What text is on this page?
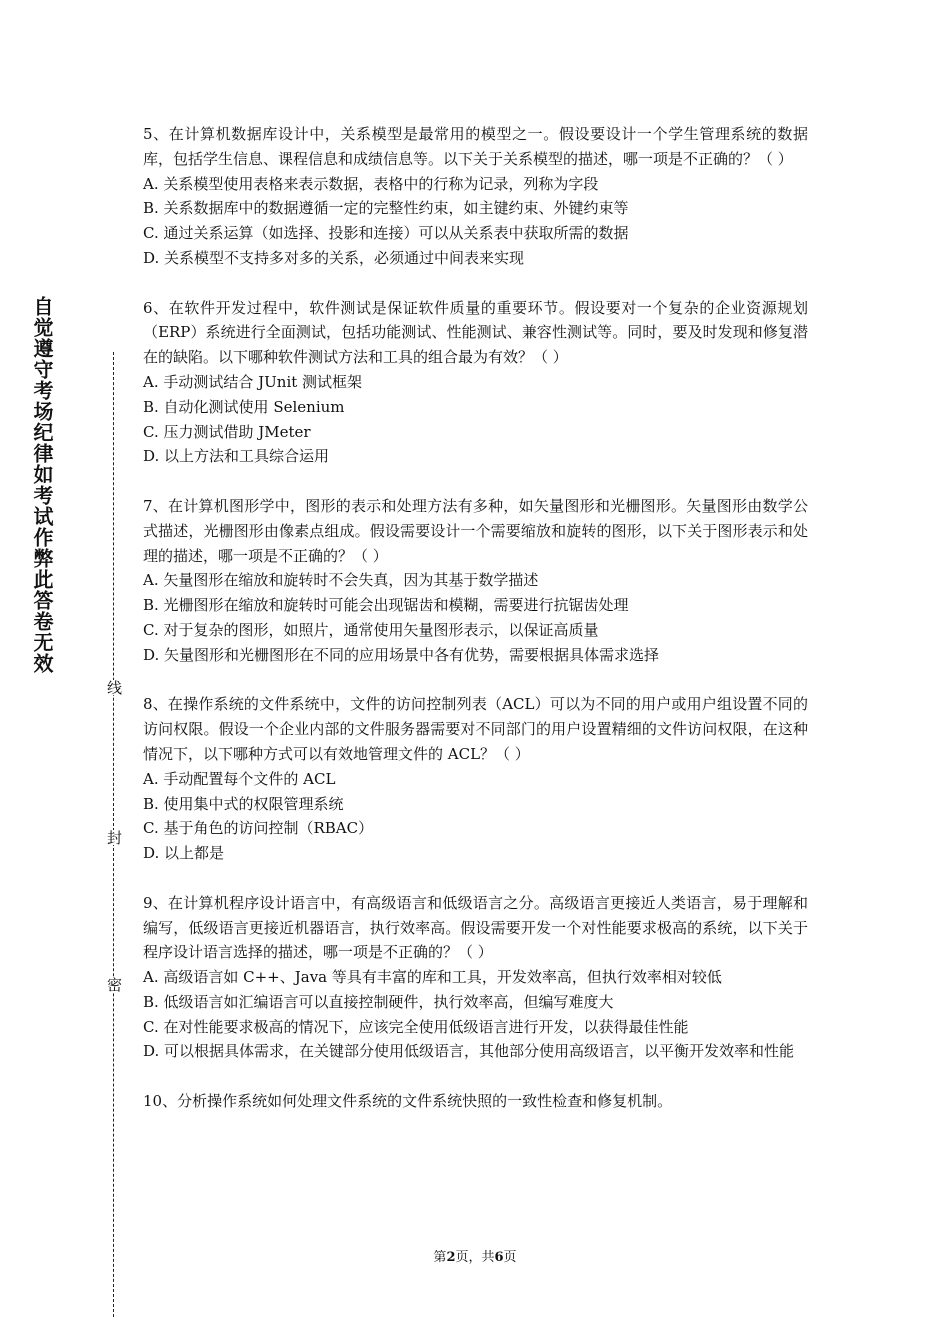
自觉遵守考场纪律如考试作弊此答卷无效
线
封
密

5、在计算机数据库设计中，关系模型是最常用的模型之一。假设要设计一个学生管理系统的数据库，包括学生信息、课程信息和成绩信息等。以下关于关系模型的描述，哪一项是不正确的？（ ）

A. 关系模型使用表格来表示数据，表格中的行称为记录，列称为字段
B. 关系数据库中的数据遵循一定的完整性约束，如主键约束、外键约束等
C. 通过关系运算（如选择、投影和连接）可以从关系表中获取所需的数据
D. 关系模型不支持多对多的关系，必须通过中间表来实现

6、在软件开发过程中，软件测试是保证软件质量的重要环节。假设要对一个复杂的企业资源规划（ERP）系统进行全面测试，包括功能测试、性能测试、兼容性测试等。同时，要及时发现和修复潜在的缺陷。以下哪种软件测试方法和工具的组合最为有效？（ ）

A. 手动测试结合 JUnit 测试框架
B. 自动化测试使用 Selenium
C. 压力测试借助 JMeter
D. 以上方法和工具综合运用

7、在计算机图形学中，图形的表示和处理方法有多种，如矢量图形和光栅图形。矢量图形由数学公式描述，光栅图形由像素点组成。假设需要设计一个需要缩放和旋转的图形，以下关于图形表示和处理的描述，哪一项是不正确的？（ ）

A. 矢量图形在缩放和旋转时不会失真，因为其基于数学描述
B. 光栅图形在缩放和旋转时可能会出现锯齿和模糊，需要进行抗锯齿处理
C. 对于复杂的图形，如照片，通常使用矢量图形表示，以保证高质量
D. 矢量图形和光栅图形在不同的应用场景中各有优势，需要根据具体需求选择

8、在操作系统的文件系统中，文件的访问控制列表（ACL）可以为不同的用户或用户组设置不同的访问权限。假设一个企业内部的文件服务器需要对不同部门的用户设置精细的文件访问权限，在这种情况下，以下哪种方式可以有效地管理文件的 ACL？（ ）

A. 手动配置每个文件的 ACL
B. 使用集中式的权限管理系统
C. 基于角色的访问控制（RBAC）
D. 以上都是

9、在计算机程序设计语言中，有高级语言和低级语言之分。高级语言更接近人类语言，易于理解和编写，低级语言更接近机器语言，执行效率高。假设需要开发一个对性能要求极高的系统，以下关于程序设计语言选择的描述，哪一项是不正确的？（ ）

A. 高级语言如 C++、Java 等具有丰富的库和工具，开发效率高，但执行效率相对较低
B. 低级语言如汇编语言可以直接控制硬件，执行效率高，但编写难度大
C. 在对性能要求极高的情况下，应该完全使用低级语言进行开发，以获得最佳性能
D. 可以根据具体需求，在关键部分使用低级语言，其他部分使用高级语言，以平衡开发效率和性能

10、分析操作系统如何处理文件系统的文件系统快照的一致性检查和修复机制。

第2页，共6页
